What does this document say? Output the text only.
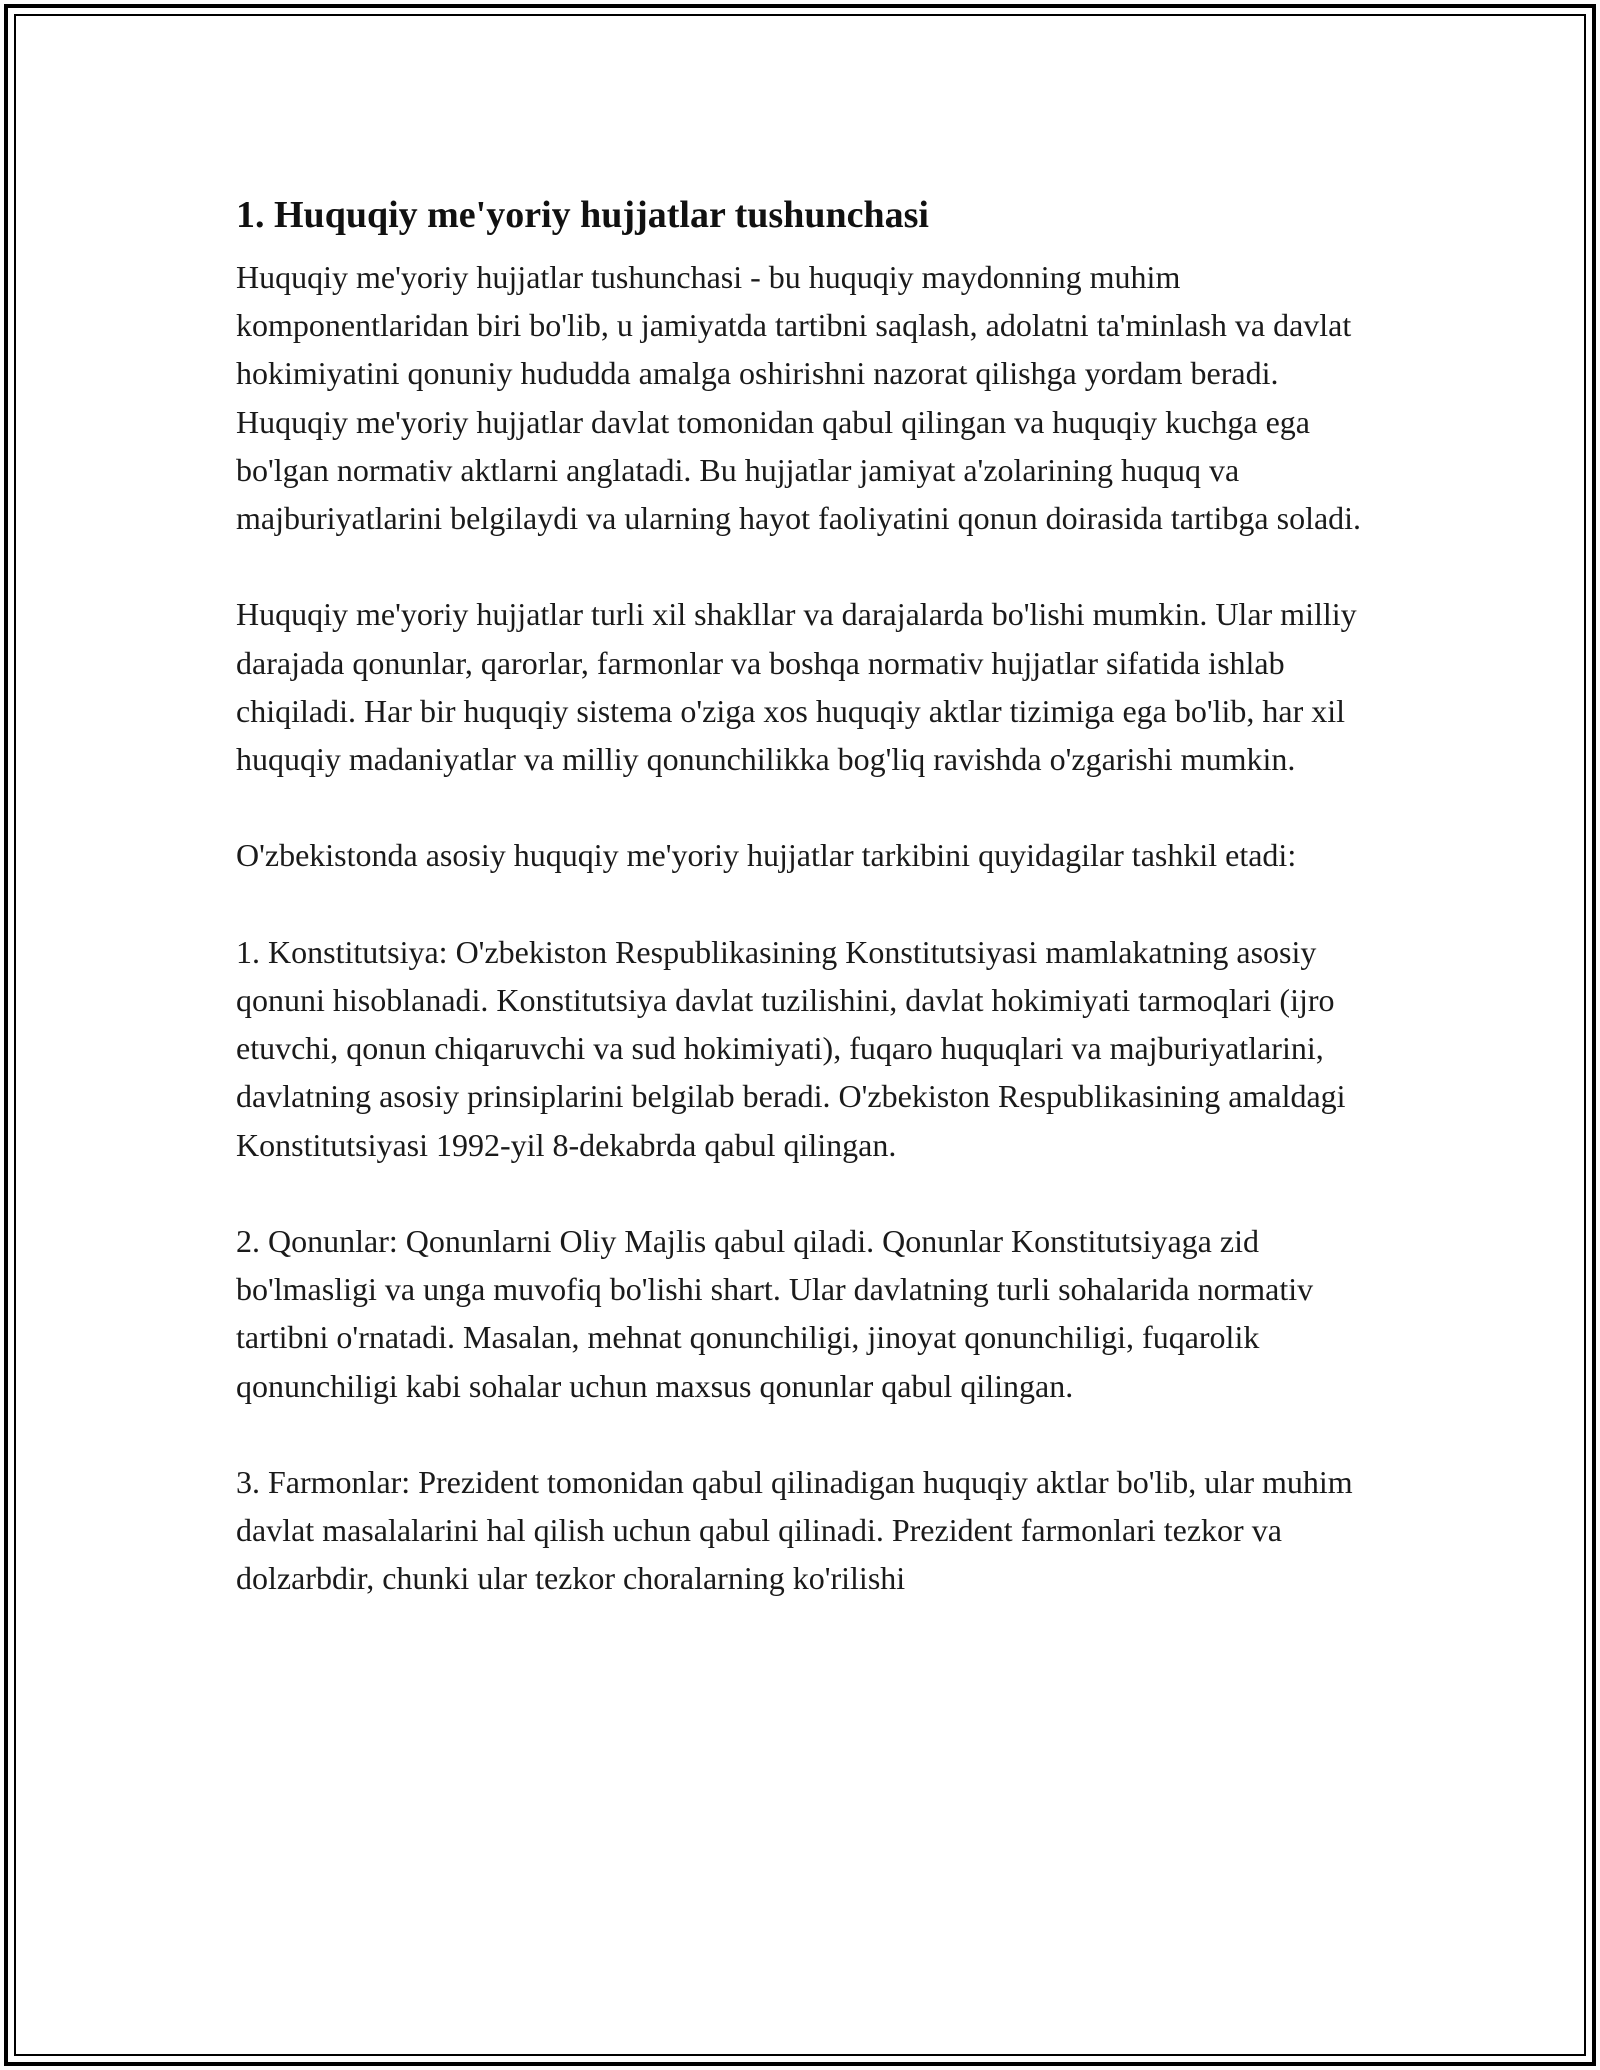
1. Huquqiy me'yoriy hujjatlar tushunchasi

Huquqiy me'yoriy hujjatlar tushunchasi - bu huquqiy maydonning muhim komponentlaridan biri bo'lib, u jamiyatda tartibni saqlash, adolatni ta'minlash va davlat hokimiyatini qonuniy hududda amalga oshirishni nazorat qilishga yordam beradi. Huquqiy me'yoriy hujjatlar davlat tomonidan qabul qilingan va huquqiy kuchga ega bo'lgan normativ aktlarni anglatadi. Bu hujjatlar jamiyat a'zolarining huquq va majburiyatlarini belgilaydi va ularning hayot faoliyatini qonun doirasida tartibga soladi.

Huquqiy me'yoriy hujjatlar turli xil shakllar va darajalarda bo'lishi mumkin. Ular milliy darajada qonunlar, qarorlar, farmonlar va boshqa normativ hujjatlar sifatida ishlab chiqiladi. Har bir huquqiy sistema o'ziga xos huquqiy aktlar tizimiga ega bo'lib, har xil huquqiy madaniyatlar va milliy qonunchilikka bog'liq ravishda o'zgarishi mumkin.

O'zbekistonda asosiy huquqiy me'yoriy hujjatlar tarkibini quyidagilar tashkil etadi:

1. Konstitutsiya: O'zbekiston Respublikasining Konstitutsiyasi mamlakatning asosiy qonuni hisoblanadi. Konstitutsiya davlat tuzilishini, davlat hokimiyati tarmoqlari (ijro etuvchi, qonun chiqaruvchi va sud hokimiyati), fuqaro huquqlari va majburiyatlarini, davlatning asosiy prinsiplarini belgilab beradi. O'zbekiston Respublikasining amaldagi Konstitutsiyasi 1992-yil 8-dekabrda qabul qilingan.

2. Qonunlar: Qonunlarni Oliy Majlis qabul qiladi. Qonunlar Konstitutsiyaga zid bo'lmasligi va unga muvofiq bo'lishi shart. Ular davlatning turli sohalarida normativ tartibni o'rnatadi. Masalan, mehnat qonunchiligi, jinoyat qonunchiligi, fuqarolik qonunchiligi kabi sohalar uchun maxsus qonunlar qabul qilingan.

3. Farmonlar: Prezident tomonidan qabul qilinadigan huquqiy aktlar bo'lib, ular muhim davlat masalalarini hal qilish uchun qabul qilinadi. Prezident farmonlari tezkor va dolzarbdir, chunki ular tezkor choralarning ko'rilishi
